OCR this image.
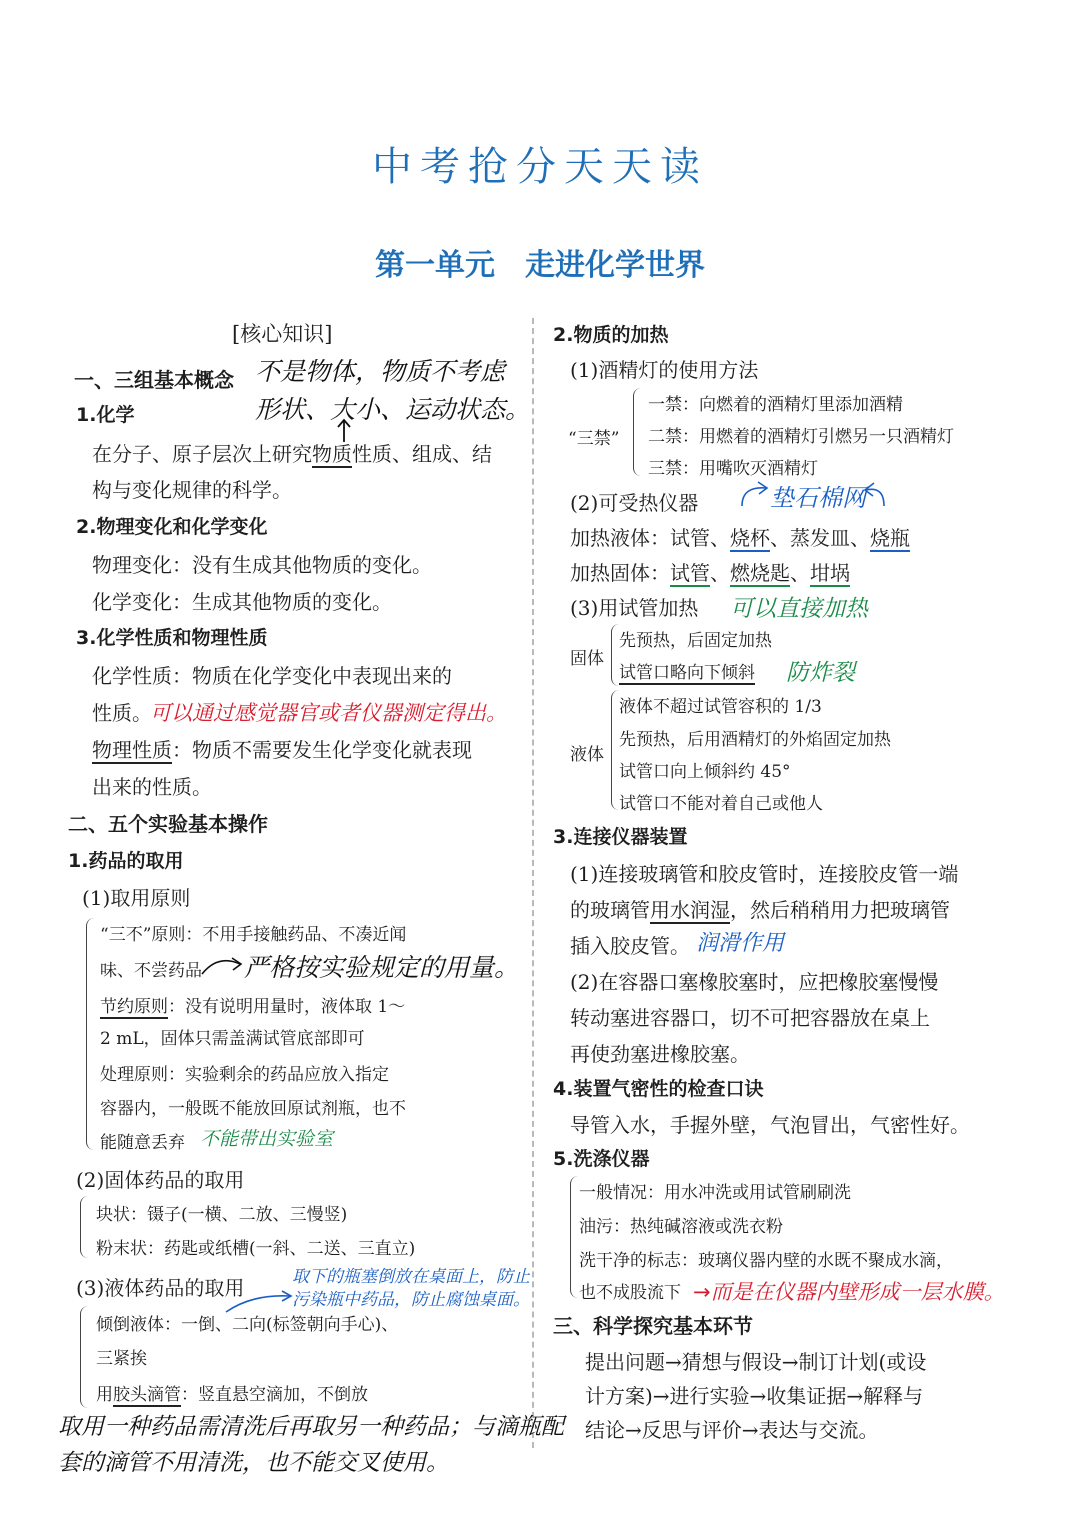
中考抢分天天读
第一单元　走进化学世界
[核心知识]
一、三组基本概念 不是物体，物质不考虑
形状、大小、运动状态。
1.化学
在分子、原子层次上研究物质性质、组成、结
构与变化规律的科学。
2.物理变化和化学变化
物理变化：没有生成其他物质的变化。
化学变化：生成其他物质的变化。
3.化学性质和物理性质
化学性质：物质在化学变化中表现出来的
性质。
可以通过感觉器官或者仪器测定得出。
物理性质：物质不需要发生化学变化就表现
出来的性质。
二、五个实验基本操作
1.药品的取用
(1)取用原则
“三不”原则：不用手接触药品、不凑近闻
味、不尝药品 严格按实验规定的用量。
节约原则：没有说明用量时，液体取 1～
2 mL，固体只需盖满试管底部即可
处理原则：实验剩余的药品应放入指定
容器内，一般既不能放回原试剂瓶，也不
能随意丢弃 不能带出实验室
(2)固体药品的取用
块状：镊子(一横、二放、三慢竖)
粉末状：药匙或纸槽(一斜、二送、三直立)
(3)液体药品的取用	取下的瓶塞倒放在桌面上，防止
污染瓶中药品，防止腐蚀桌面。
倾倒液体：一倒、二向(标签朝向手心)、
三紧挨
用胶头滴管：竖直悬空滴加，不倒放
取用一种药品需清洗后再取另一种药品；与滴瓶配
套的滴管不用清洗，也不能交叉使用。
2.物质的加热
(1)酒精灯的使用方法
“三禁”
一禁：向燃着的酒精灯里添加酒精
二禁：用燃着的酒精灯引燃另一只酒精灯
三禁：用嘴吹灭酒精灯
(2)可受热仪器	垫石棉网
加热液体：试管、烧杯、蒸发皿、烧瓶
加热固体：试管、燃烧匙、坩埚
(3)用试管加热 可以直接加热
固体
先预热，后固定加热
试管口略向下倾斜 防炸裂
液体
液体不超过试管容积的 1/3
先预热，后用酒精灯的外焰固定加热
试管口向上倾斜约 45°
试管口不能对着自己或他人
3.连接仪器装置
(1)连接玻璃管和胶皮管时，连接胶皮管一端
的玻璃管用水润湿，然后稍稍用力把玻璃管
插入胶皮管。 润滑作用
(2)在容器口塞橡胶塞时，应把橡胶塞慢慢
转动塞进容器口，切不可把容器放在桌上
再使劲塞进橡胶塞。
4.装置气密性的检查口诀
导管入水，手握外壁，气泡冒出，气密性好。
5.洗涤仪器
一般情况：用水冲洗或用试管刷刷洗
油污：热纯碱溶液或洗衣粉
洗干净的标志：玻璃仪器内壁的水既不聚成水滴，
也不成股流下 →而是在仪器内壁形成一层水膜。
三、科学探究基本环节
提出问题→猜想与假设→制订计划(或设
计方案)→进行实验→收集证据→解释与
结论→反思与评价→表达与交流。
